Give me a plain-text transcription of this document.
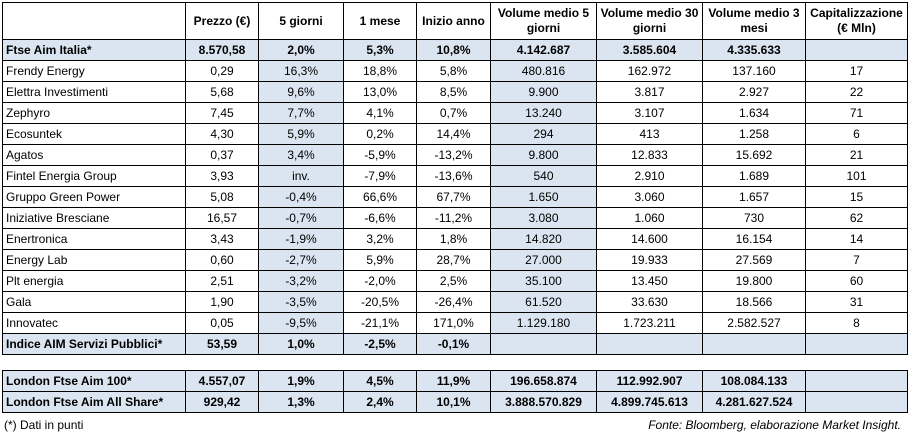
	Prezzo (€)	5 giorni	1 mese	Inizio anno	Volume medio 5 giorni	Volume medio 30 giorni	Volume medio 3 mesi	Capitalizzazione (€ Mln)
Ftse Aim Italia*	8.570,58	2,0%	5,3%	10,8%	4.142.687	3.585.604	4.335.633	
Frendy Energy	0,29	16,3%	18,8%	5,8%	480.816	162.972	137.160	17
Elettra Investimenti	5,68	9,6%	13,0%	8,5%	9.900	3.817	2.927	22
Zephyro	7,45	7,7%	4,1%	0,7%	13.240	3.107	1.634	71
Ecosuntek	4,30	5,9%	0,2%	14,4%	294	413	1.258	6
Agatos	0,37	3,4%	-5,9%	-13,2%	9.800	12.833	15.692	21
Fintel Energia Group	3,93	inv.	-7,9%	-13,6%	540	2.910	1.689	101
Gruppo Green Power	5,08	-0,4%	66,6%	67,7%	1.650	3.060	1.657	15
Iniziative Bresciane	16,57	-0,7%	-6,6%	-11,2%	3.080	1.060	730	62
Enertronica	3,43	-1,9%	3,2%	1,8%	14.820	14.600	16.154	14
Energy Lab	0,60	-2,7%	5,9%	28,7%	27.000	19.933	27.569	7
Plt energia	2,51	-3,2%	-2,0%	2,5%	35.100	13.450	19.800	60
Gala	1,90	-3,5%	-20,5%	-26,4%	61.520	33.630	18.566	31
Innovatec	0,05	-9,5%	-21,1%	171,0%	1.129.180	1.723.211	2.582.527	8
Indice AIM Servizi Pubblici*	53,59	1,0%	-2,5%	-0,1%				

London Ftse Aim 100*	4.557,07	1,9%	4,5%	11,9%	196.658.874	112.992.907	108.084.133	
London Ftse Aim All Share*	929,42	1,3%	2,4%	10,1%	3.888.570.829	4.899.745.613	4.281.627.524	
(*) Dati in punti	Fonte: Bloomberg, elaborazione Market Insight.
